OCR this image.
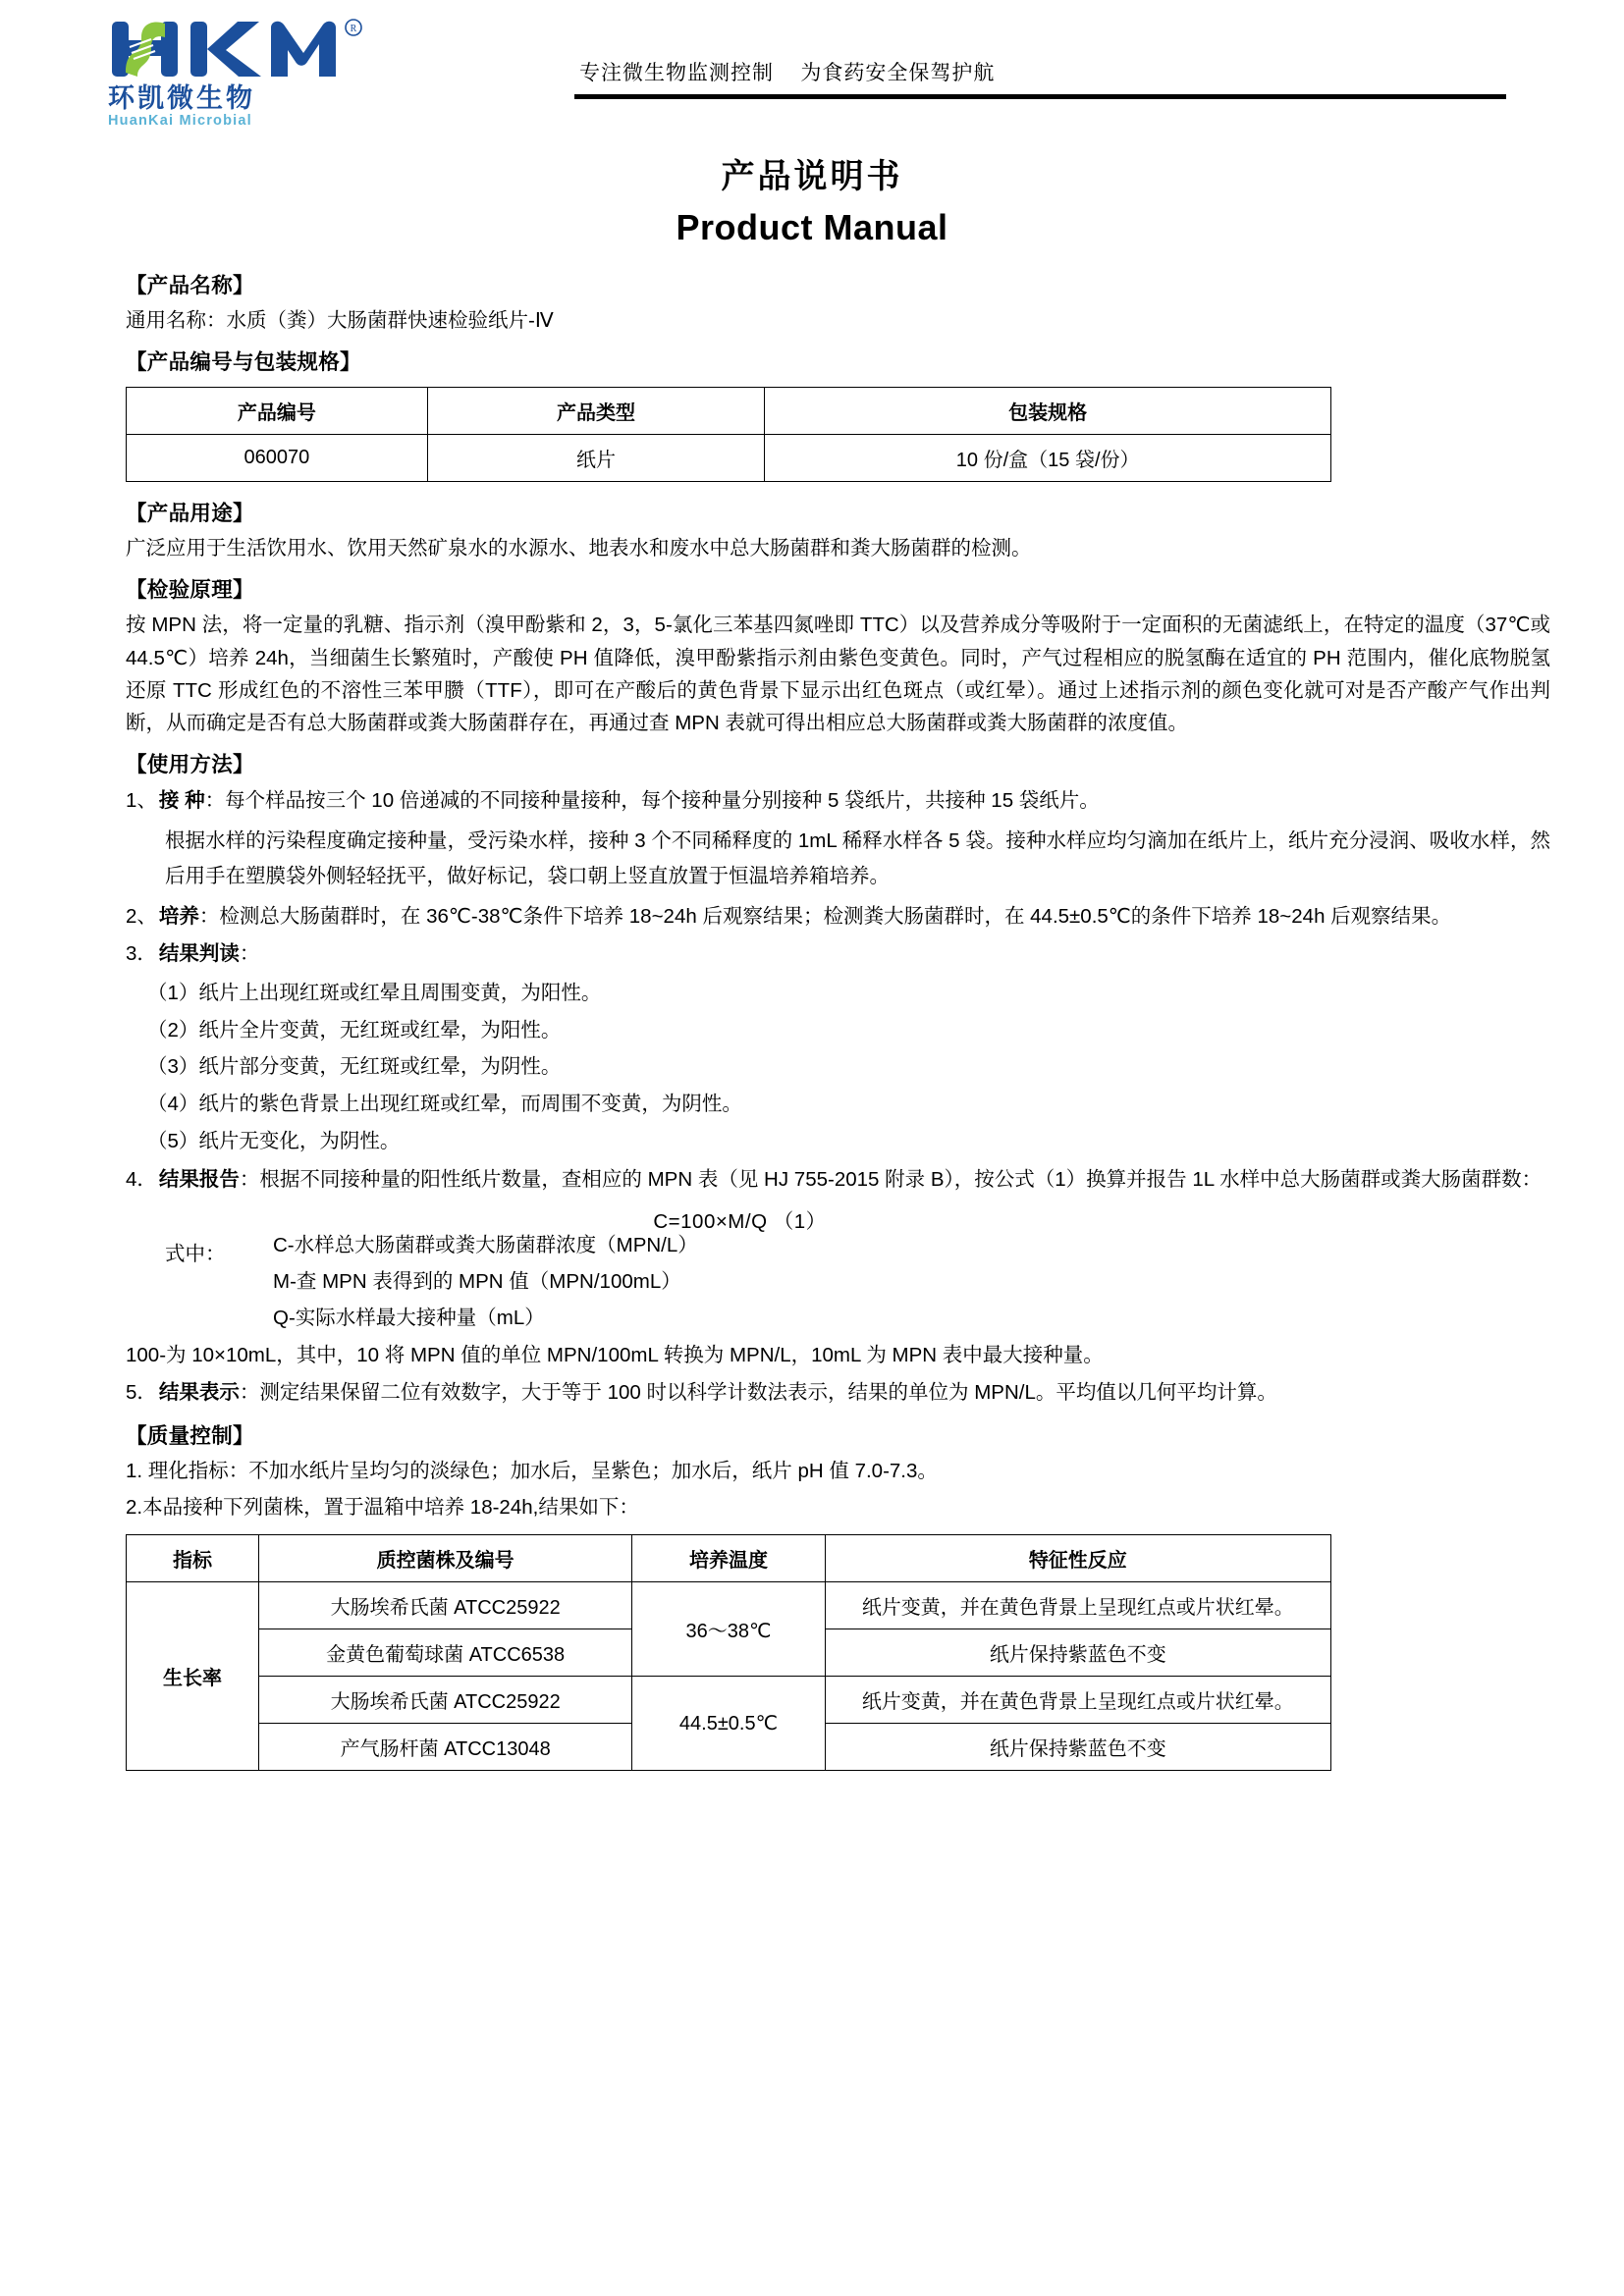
R
环凯微生物
HuanKai Microbial
专注微生物监测控制    为食药安全保驾护航
产品说明书
Product Manual
【产品名称】
通用名称：水质（粪）大肠菌群快速检验纸片-Ⅳ
【产品编号与包装规格】
产品编号	产品类型	包装规格
060070	纸片	10 份/盒（15 袋/份）
【产品用途】
广泛应用于生活饮用水、饮用天然矿泉水的水源水、地表水和废水中总大肠菌群和粪大肠菌群的检测。
【检验原理】
按 MPN 法，将一定量的乳糖、指示剂（溴甲酚紫和 2，3，5-氯化三苯基四氮唑即 TTC）以及营养成分等吸附于一定面积的无菌滤纸上，在特定的温度（37℃或 44.5℃）培养 24h，当细菌生长繁殖时，产酸使 PH 值降低，溴甲酚紫指示剂由紫色变黄色。同时，产气过程相应的脱氢酶在适宜的 PH 范围内，催化底物脱氢还原 TTC 形成红色的不溶性三苯甲臜（TTF），即可在产酸后的黄色背景下显示出红色斑点（或红晕）。通过上述指示剂的颜色变化就可对是否产酸产气作出判断，从而确定是否有总大肠菌群或粪大肠菌群存在，再通过查 MPN 表就可得出相应总大肠菌群或粪大肠菌群的浓度值。
【使用方法】
1、 接 种：每个样品按三个 10 倍递减的不同接种量接种，每个接种量分别接种 5 袋纸片，共接种 15 袋纸片。
根据水样的污染程度确定接种量，受污染水样，接种 3 个不同稀释度的 1mL 稀释水样各 5 袋。接种水样应均匀滴加在纸片上，纸片充分浸润、吸收水样，然后用手在塑膜袋外侧轻轻抚平，做好标记，袋口朝上竖直放置于恒温培养箱培养。
2、 培养：检测总大肠菌群时，在 36℃-38℃条件下培养 18~24h 后观察结果；检测粪大肠菌群时，在 44.5±0.5℃的条件下培养 18~24h 后观察结果。
3． 结果判读：
（1）纸片上出现红斑或红晕且周围变黄，为阳性。
（2）纸片全片变黄，无红斑或红晕，为阳性。
（3）纸片部分变黄，无红斑或红晕，为阴性。
（4）纸片的紫色背景上出现红斑或红晕，而周围不变黄，为阴性。
（5）纸片无变化，为阴性。
4． 结果报告：根据不同接种量的阳性纸片数量，查相应的 MPN 表（见 HJ 755-2015 附录 B），按公式（1）换算并报告 1L 水样中总大肠菌群或粪大肠菌群数：
C=100×M/Q （1）
式中：	C-水样总大肠菌群或粪大肠菌群浓度（MPN/L）
M-查 MPN 表得到的 MPN 值（MPN/100mL）
Q-实际水样最大接种量（mL）
100-为 10×10mL，其中，10 将 MPN 值的单位 MPN/100mL 转换为 MPN/L，10mL 为 MPN 表中最大接种量。
5． 结果表示：测定结果保留二位有效数字，大于等于 100 时以科学计数法表示，结果的单位为 MPN/L。平均值以几何平均计算。
【质量控制】
1. 理化指标：不加水纸片呈均匀的淡绿色；加水后，呈紫色；加水后，纸片 pH 值 7.0-7.3。
2.本品接种下列菌株，置于温箱中培养 18-24h,结果如下：
指标	质控菌株及编号	培养温度	特征性反应
生长率	大肠埃希氏菌 ATCC25922	36～38℃	纸片变黄，并在黄色背景上呈现红点或片状红晕。
	金黄色葡萄球菌 ATCC6538		纸片保持紫蓝色不变
	大肠埃希氏菌 ATCC25922	44.5±0.5℃	纸片变黄，并在黄色背景上呈现红点或片状红晕。
	产气肠杆菌 ATCC13048		纸片保持紫蓝色不变
